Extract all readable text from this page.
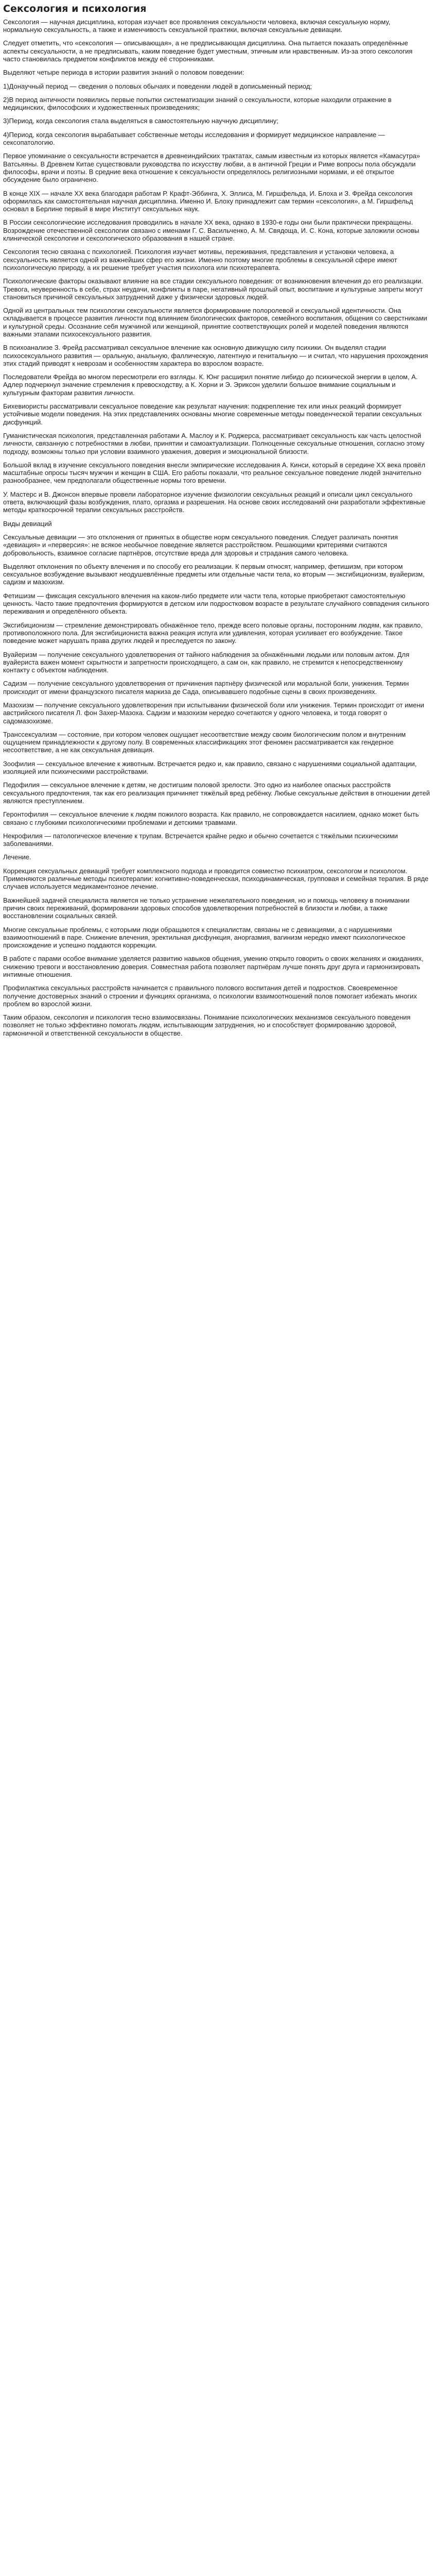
Сексология и психология

Сексология — научная дисциплина, которая изучает все проявления сексуальности человека, включая сексуальную норму, нормальную сексуальность, а также и изменчивость сексуальной практики, включая сексуальные девиации.

Следует отметить, что «сексология — описывающая», а не предписывающая дисциплина. Она пытается показать определённые аспекты сексуальности, а не предписывать, каким поведение будет уместным, этичным или нравственным. Из-за этого сексология часто становилась предметом конфликтов между её сторонниками.

Выделяют четыре периода в истории развития знаний о половом поведении:

1)Донаучный период — сведения о половых обычаях и поведении людей в дописьменный период;

2)В период античности появились первые попытки систематизации знаний о сексуальности, которые находили отражение в медицинских, философских и художественных произведениях;

3)Период, когда сексология стала выделяться в самостоятельную научную дисциплину;

4)Период, когда сексология вырабатывает собственные методы исследования и формирует медицинское направление — сексопатологию.

Первое упоминание о сексуальности встречается в древнеиндийских трактатах, самым известным из которых является «Камасутра» Ватсьяяны. В Древнем Китае существовали руководства по искусству любви, а в античной Греции и Риме вопросы пола обсуждали философы, врачи и поэты. В средние века отношение к сексуальности определялось религиозными нормами, и её открытое обсуждение было ограничено.

В конце XIX — начале XX века благодаря работам Р. Крафт-Эббинга, Х. Эллиса, М. Гиршфельда, И. Блоха и З. Фрейда сексология оформилась как самостоятельная научная дисциплина. Именно И. Блоху принадлежит сам термин «сексология», а М. Гиршфельд основал в Берлине первый в мире Институт сексуальных наук.

В России сексологические исследования проводились в начале XX века, однако в 1930-е годы они были практически прекращены. Возрождение отечественной сексологии связано с именами Г. С. Васильченко, А. М. Свядоща, И. С. Кона, которые заложили основы клинической сексологии и сексологического образования в нашей стране.

Сексология тесно связана с психологией. Психология изучает мотивы, переживания, представления и установки человека, а сексуальность является одной из важнейших сфер его жизни. Именно поэтому многие проблемы в сексуальной сфере имеют психологическую природу, а их решение требует участия психолога или психотерапевта.

Психологические факторы оказывают влияние на все стадии сексуального поведения: от возникновения влечения до его реализации. Тревога, неуверенность в себе, страх неудачи, конфликты в паре, негативный прошлый опыт, воспитание и культурные запреты могут становиться причиной сексуальных затруднений даже у физически здоровых людей.

Одной из центральных тем психологии сексуальности является формирование полоролевой и сексуальной идентичности. Она складывается в процессе развития личности под влиянием биологических факторов, семейного воспитания, общения со сверстниками и культурной среды. Осознание себя мужчиной или женщиной, принятие соответствующих ролей и моделей поведения являются важными этапами психосексуального развития.

В психоанализе З. Фрейд рассматривал сексуальное влечение как основную движущую силу психики. Он выделял стадии психосексуального развития — оральную, анальную, фаллическую, латентную и генитальную — и считал, что нарушения прохождения этих стадий приводят к неврозам и особенностям характера во взрослом возрасте.

Последователи Фрейда во многом пересмотрели его взгляды. К. Юнг расширил понятие либидо до психической энергии в целом, А. Адлер подчеркнул значение стремления к превосходству, а К. Хорни и Э. Эриксон уделили большое внимание социальным и культурным факторам развития личности.

Бихевиористы рассматривали сексуальное поведение как результат научения: подкрепление тех или иных реакций формирует устойчивые модели поведения. На этих представлениях основаны многие современные методы поведенческой терапии сексуальных дисфункций.

Гуманистическая психология, представленная работами А. Маслоу и К. Роджерса, рассматривает сексуальность как часть целостной личности, связанную с потребностями в любви, принятии и самоактуализации. Полноценные сексуальные отношения, согласно этому подходу, возможны только при условии взаимного уважения, доверия и эмоциональной близости.

Большой вклад в изучение сексуального поведения внесли эмпирические исследования А. Кинси, который в середине XX века провёл масштабные опросы тысяч мужчин и женщин в США. Его работы показали, что реальное сексуальное поведение людей значительно разнообразнее, чем предполагали общественные нормы того времени.

У. Мастерс и В. Джонсон впервые провели лабораторное изучение физиологии сексуальных реакций и описали цикл сексуального ответа, включающий фазы возбуждения, плато, оргазма и разрешения. На основе своих исследований они разработали эффективные методы краткосрочной терапии сексуальных расстройств.

Виды девиаций

Сексуальные девиации — это отклонения от принятых в обществе норм сексуального поведения. Следует различать понятия «девиация» и «перверсия»: не всякое необычное поведение является расстройством. Решающими критериями считаются добровольность, взаимное согласие партнёров, отсутствие вреда для здоровья и страдания самого человека.

Выделяют отклонения по объекту влечения и по способу его реализации. К первым относят, например, фетишизм, при котором сексуальное возбуждение вызывают неодушевлённые предметы или отдельные части тела, ко вторым — эксгибиционизм, вуайеризм, садизм и мазохизм.

Фетишизм — фиксация сексуального влечения на каком-либо предмете или части тела, которые приобретают самостоятельную ценность. Часто такие предпочтения формируются в детском или подростковом возрасте в результате случайного совпадения сильного переживания и определённого объекта.

Эксгибиционизм — стремление демонстрировать обнажённое тело, прежде всего половые органы, посторонним людям, как правило, противоположного пола. Для эксгибициониста важна реакция испуга или удивления, которая усиливает его возбуждение. Такое поведение может нарушать права других людей и преследуется по закону.

Вуайеризм — получение сексуального удовлетворения от тайного наблюдения за обнажёнными людьми или половым актом. Для вуайериста важен момент скрытности и запретности происходящего, а сам он, как правило, не стремится к непосредственному контакту с объектом наблюдения.

Садизм — получение сексуального удовлетворения от причинения партнёру физической или моральной боли, унижения. Термин происходит от имени французского писателя маркиза де Сада, описывавшего подобные сцены в своих произведениях.

Мазохизм — получение сексуального удовлетворения при испытывании физической боли или унижения. Термин происходит от имени австрийского писателя Л. фон Захер-Мазоха. Садизм и мазохизм нередко сочетаются у одного человека, и тогда говорят о садомазохизме.

Транссексуализм — состояние, при котором человек ощущает несоответствие между своим биологическим полом и внутренним ощущением принадлежности к другому полу. В современных классификациях этот феномен рассматривается как гендерное несоответствие, а не как сексуальная девиация.

Зоофилия — сексуальное влечение к животным. Встречается редко и, как правило, связано с нарушениями социальной адаптации, изоляцией или психическими расстройствами.

Педофилия — сексуальное влечение к детям, не достигшим половой зрелости. Это одно из наиболее опасных расстройств сексуального предпочтения, так как его реализация причиняет тяжёлый вред ребёнку. Любые сексуальные действия в отношении детей являются преступлением.

Геронтофилия — сексуальное влечение к людям пожилого возраста. Как правило, не сопровождается насилием, однако может быть связано с глубокими психологическими проблемами и детскими травмами.

Некрофилия — патологическое влечение к трупам. Встречается крайне редко и обычно сочетается с тяжёлыми психическими заболеваниями.

Лечение.

Коррекция сексуальных девиаций требует комплексного подхода и проводится совместно психиатром, сексологом и психологом. Применяются различные методы психотерапии: когнитивно-поведенческая, психодинамическая, групповая и семейная терапия. В ряде случаев используется медикаментозное лечение.

Важнейшей задачей специалиста является не только устранение нежелательного поведения, но и помощь человеку в понимании причин своих переживаний, формировании здоровых способов удовлетворения потребностей в близости и любви, а также восстановлении социальных связей.

Многие сексуальные проблемы, с которыми люди обращаются к специалистам, связаны не с девиациями, а с нарушениями взаимоотношений в паре. Снижение влечения, эректильная дисфункция, аноргазмия, вагинизм нередко имеют психологическое происхождение и успешно поддаются коррекции.

В работе с парами особое внимание уделяется развитию навыков общения, умению открыто говорить о своих желаниях и ожиданиях, снижению тревоги и восстановлению доверия. Совместная работа позволяет партнёрам лучше понять друг друга и гармонизировать интимные отношения.

Профилактика сексуальных расстройств начинается с правильного полового воспитания детей и подростков. Своевременное получение достоверных знаний о строении и функциях организма, о психологии взаимоотношений полов помогает избежать многих проблем во взрослой жизни.

Таким образом, сексология и психология тесно взаимосвязаны. Понимание психологических механизмов сексуального поведения позволяет не только эффективно помогать людям, испытывающим затруднения, но и способствует формированию здоровой, гармоничной и ответственной сексуальности в обществе.
